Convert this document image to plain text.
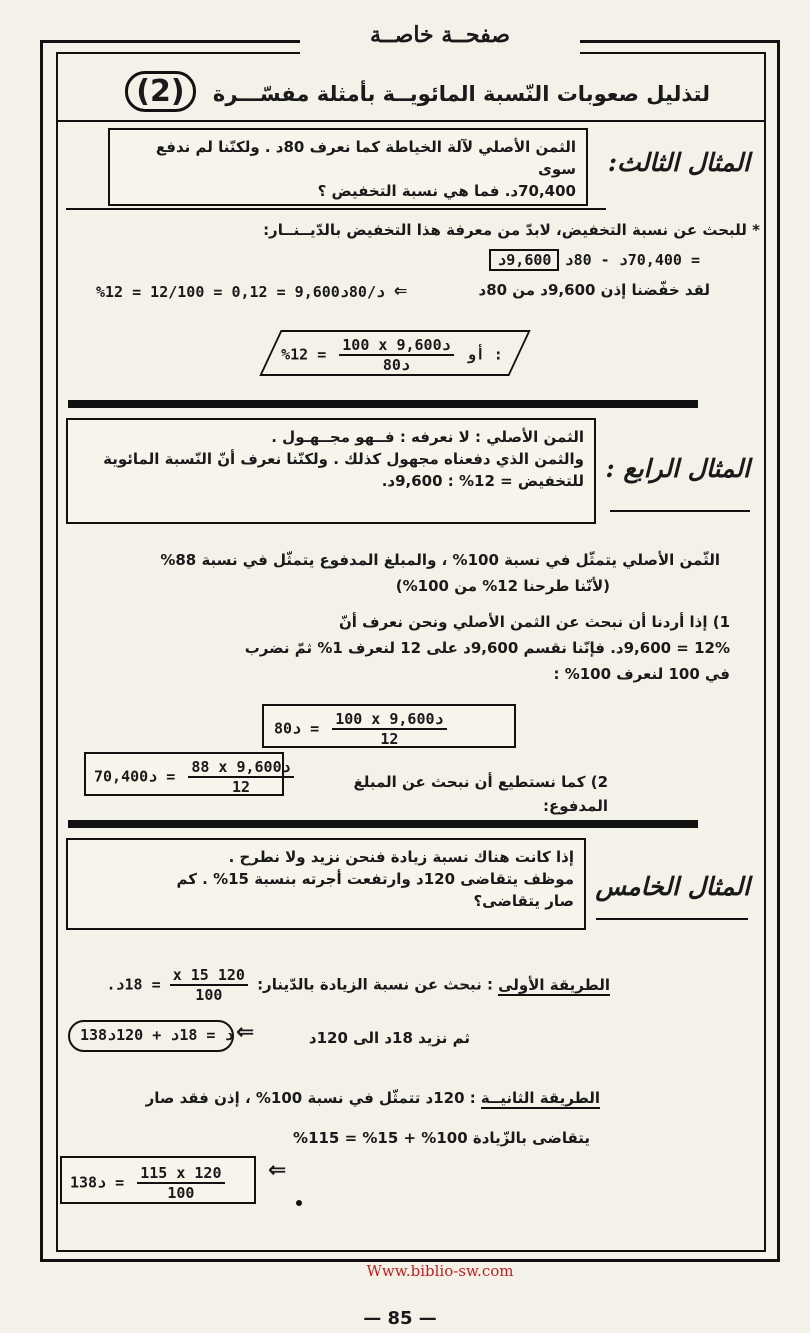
صفحــة خاصــة
لتذليل صعوبات النّسبة المائويــة بأمثلة مفسّـــرة (2)
الثمن الأصلي لآلة الخياطة كما نعرف 80د . ولكنّنا لم ندفع سوى
70,400د. فما هي نسبة التخفيض ؟
المثال الثالث:
* للبحث عن نسبة التخفيض، لابدّ من معرفة هذا التخفيض بالدّيــنــار:
= 70,400د - 80د 9,600د
لقد خفّضنا إذن 9,600د من 80د
%12 = 12/100 = 0,12 = 9,600د/80د ⇐
$\%12 = \frac{\text{100 x 9,600د}}{\text{80د}}$ أو :
الثمن الأصلي : لا نعرفه : فــهو مجــهـول .
والثمن الذي دفعناه مجهول كذلك . ولكنّنا نعرف أنّ النّسبة المائوية
للتخفيض = 12% : 9,600د. المثال الرابع :
الثّمن الأصلي يتمثّل في نسبة 100% ، والمبلغ المدفوع يتمثّل في نسبة 88%
(لأنّنا طرحنا 12% من 100%)
1) إذا أردنا أن نبحث عن الثمن الأصلي ونحن نعرف أنّ
12% = 9,600د. فإنّنا نقسم 9,600د على 12 لنعرف 1% ثمّ نضرب
في 100 لنعرف 100% :
80د = $\frac{\text{100 x 9,600د}}{12}$
70,400د = $\frac{\text{88 x 9,600د}}{12}$	2) كما نستطيع أن نبحث عن المبلغ المدفوع:
إذا كانت هناك نسبة زيادة فنحن نزيد ولا نطرح .
موظف يتقاضى 120د وارتفعت أجرته بنسبة 15% . كم
صار يتقاضى؟ المثال الخامس
الطريقة الأولى : نبحث عن نسبة الزيادة بالدّينار:
$\frac{120 x 15}{100}$
= 18د.
138د = 18د + 120د ⇐	ثم نزيد 18د الى 120د
الطريقة الثانيــة : 120د تتمثّل في نسبة 100% ، إذن فقد صار
يتقاضى بالزّيادة 100% + 15% = 115%
138د = $\frac{115 x 120}{100}$ ⇐
Www.biblio-sw.com
— 85 —
